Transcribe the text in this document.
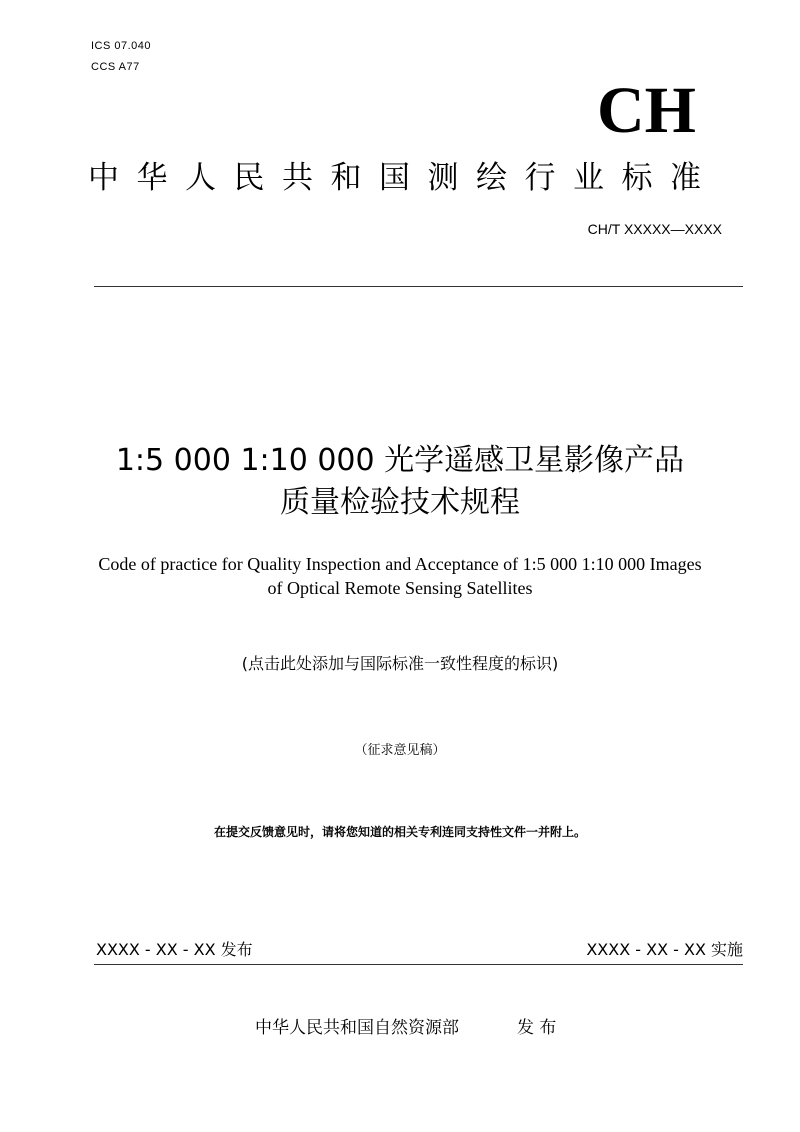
ICS 07.040
CCS A77
CH
中华人民共和国测绘行业标准
CH/T XXXXX—XXXX
1:5 000 1:10 000 光学遥感卫星影像产品
质量检验技术规程
Code of practice for Quality Inspection and Acceptance of 1:5 000 1:10 000 Images
of Optical Remote Sensing Satellites
(点击此处添加与国际标准一致性程度的标识)
（征求意见稿）
在提交反馈意见时，请将您知道的相关专利连同支持性文件一并附上。
XXXX - XX - XX 发布	XXXX - XX - XX 实施
中华人民共和国自然资源部	发 布
